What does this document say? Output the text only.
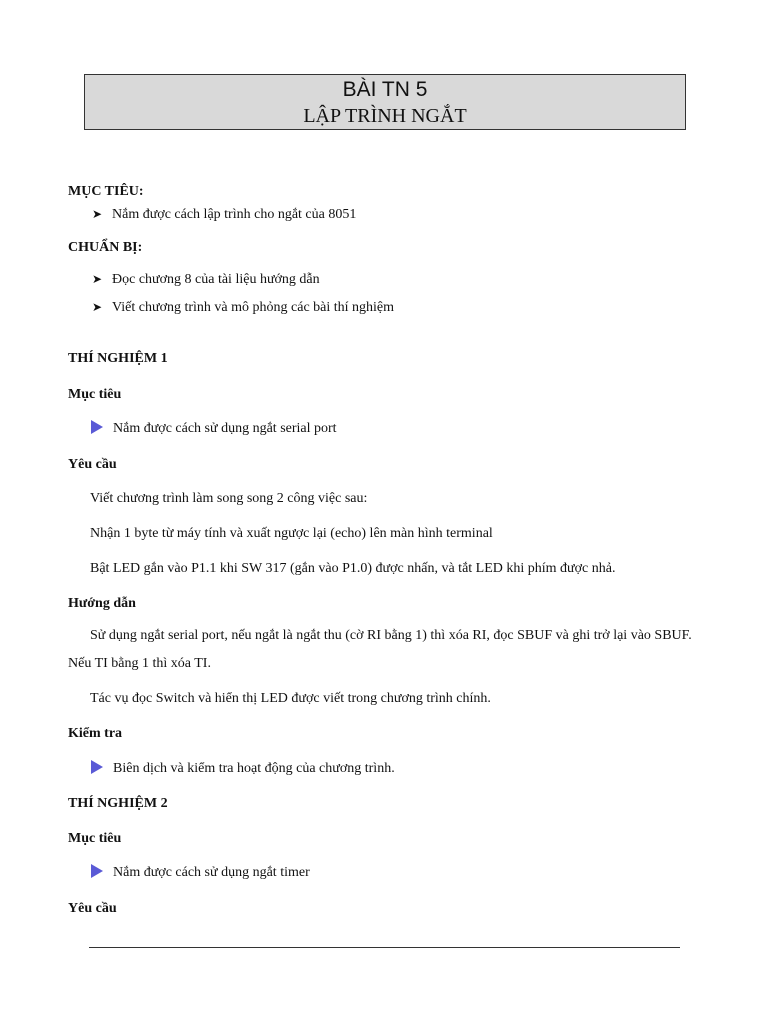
BÀI TN 5
LẬP TRÌNH NGẮT
MỤC TIÊU:
➤ Nắm được cách lập trình cho ngắt của 8051
CHUẨN BỊ:
➤ Đọc chương 8 của tài liệu hướng dẫn
➤ Viết chương trình và mô phỏng các bài thí nghiệm
THÍ NGHIỆM 1
Mục tiêu
Nắm được cách sử dụng ngắt serial port
Yêu cầu
Viết chương trình làm song song 2 công việc sau:
Nhận 1 byte từ máy tính và xuất ngược lại (echo) lên màn hình terminal
Bật LED gắn vào P1.1 khi SW 317 (gắn vào P1.0) được nhấn, và tắt LED khi phím được nhả.
Hướng dẫn
Sử dụng ngắt serial port, nếu ngắt là ngắt thu (cờ RI bằng 1) thì xóa RI, đọc SBUF và ghi trở lại vào SBUF. Nếu TI bằng 1 thì xóa TI.
Tác vụ đọc Switch và hiển thị LED được viết trong chương trình chính.
Kiểm tra
Biên dịch và kiểm tra hoạt động của chương trình.
THÍ NGHIỆM 2
Mục tiêu
Nắm được cách sử dụng ngắt timer
Yêu cầu
